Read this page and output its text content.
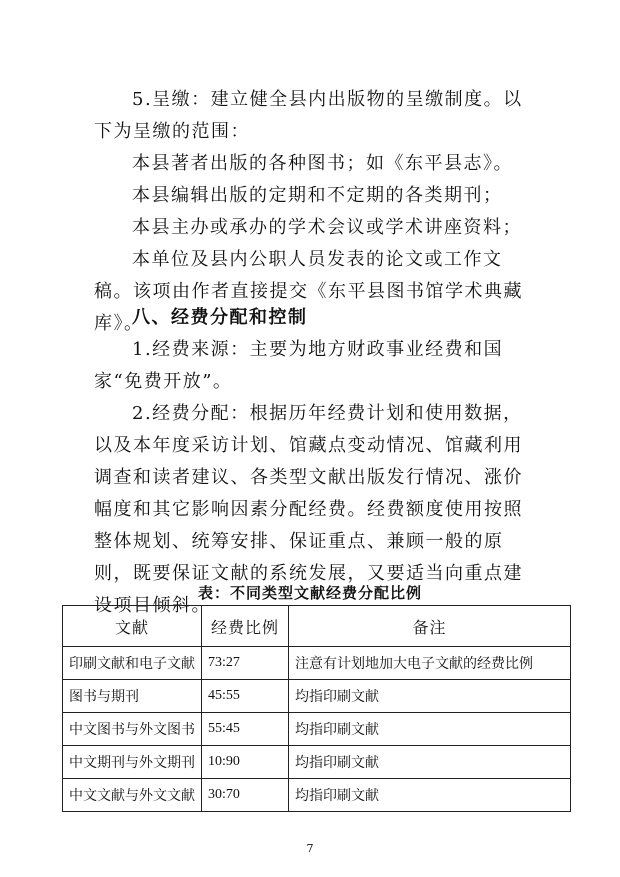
5.呈缴：建立健全县内出版物的呈缴制度。以下为呈缴的范围：

本县著者出版的各种图书；如《东平县志》。

本县编辑出版的定期和不定期的各类期刊；

本县主办或承办的学术会议或学术讲座资料；

本单位及县内公职人员发表的论文或工作文稿。该项由作者直接提交《东平县图书馆学术典藏库》。

八、经费分配和控制

1.经费来源：主要为地方财政事业经费和国家“免费开放”。

2.经费分配：根据历年经费计划和使用数据，以及本年度采访计划、馆藏点变动情况、馆藏利用调查和读者建议、各类型文献出版发行情况、涨价幅度和其它影响因素分配经费。经费额度使用按照整体规划、统筹安排、保证重点、兼顾一般的原则，既要保证文献的系统发展，又要适当向重点建设项目倾斜。

表：不同类型文献经费分配比例
文献	经费比例	备注
印刷文献和电子文献	73:27	注意有计划地加大电子文献的经费比例
图书与期刊	45:55	均指印刷文献
中文图书与外文图书	55:45	均指印刷文献
中文期刊与外文期刊	10:90	均指印刷文献
中文文献与外文文献	30:70	均指印刷文献
7
